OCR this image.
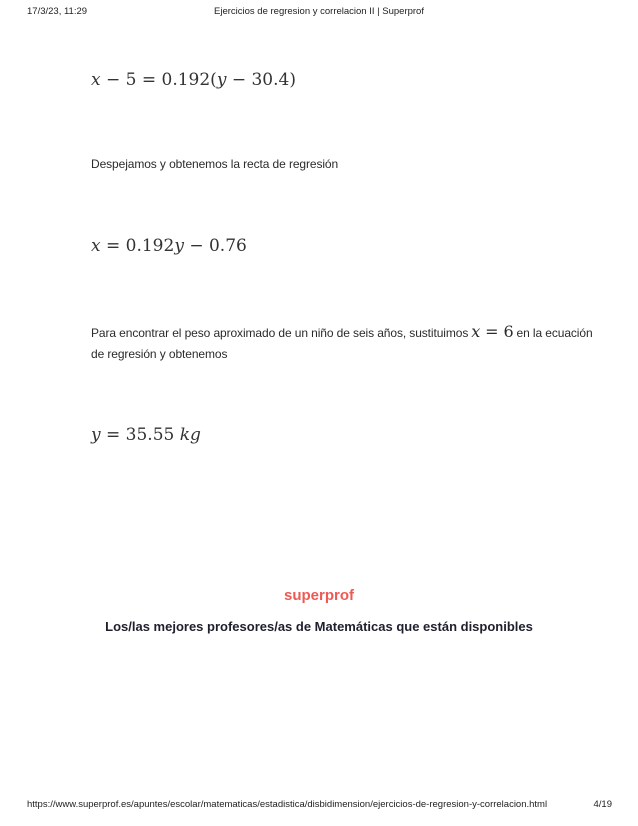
17/3/23, 11:29	Ejercicios de regresion y correlacion II | Superprof
x − 5 = 0.192(y − 30.4)
Despejamos y obtenemos la recta de regresión
x = 0.192y − 0.76
Para encontrar el peso aproximado de un niño de seis años, sustituimos x = 6 en la ecuación
de regresión y obtenemos
y = 35.55 kg
superprof
Los/las mejores profesores/as de Matemáticas que están disponibles
https://www.superprof.es/apuntes/escolar/matematicas/estadistica/disbidimension/ejercicios-de-regresion-y-correlacion.html	4/19
